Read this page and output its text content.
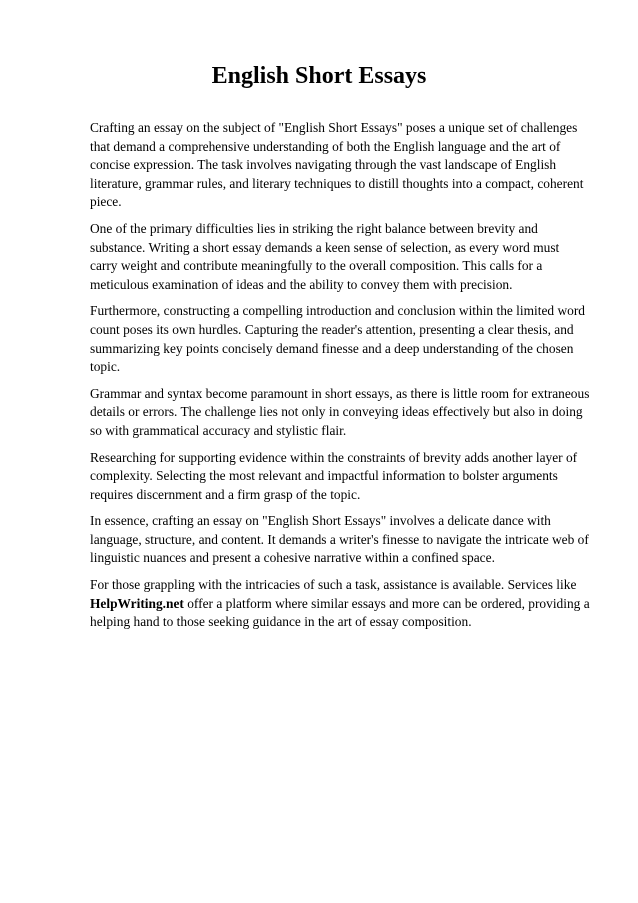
English Short Essays

Crafting an essay on the subject of "English Short Essays" poses a unique set of challenges that demand a comprehensive understanding of both the English language and the art of concise expression. The task involves navigating through the vast landscape of English literature, grammar rules, and literary techniques to distill thoughts into a compact, coherent piece.

One of the primary difficulties lies in striking the right balance between brevity and substance. Writing a short essay demands a keen sense of selection, as every word must carry weight and contribute meaningfully to the overall composition. This calls for a meticulous examination of ideas and the ability to convey them with precision.

Furthermore, constructing a compelling introduction and conclusion within the limited word count poses its own hurdles. Capturing the reader's attention, presenting a clear thesis, and summarizing key points concisely demand finesse and a deep understanding of the chosen topic.

Grammar and syntax become paramount in short essays, as there is little room for extraneous details or errors. The challenge lies not only in conveying ideas effectively but also in doing so with grammatical accuracy and stylistic flair.

Researching for supporting evidence within the constraints of brevity adds another layer of complexity. Selecting the most relevant and impactful information to bolster arguments requires discernment and a firm grasp of the topic.

In essence, crafting an essay on "English Short Essays" involves a delicate dance with language, structure, and content. It demands a writer's finesse to navigate the intricate web of linguistic nuances and present a cohesive narrative within a confined space.

For those grappling with the intricacies of such a task, assistance is available. Services like HelpWriting.net offer a platform where similar essays and more can be ordered, providing a helping hand to those seeking guidance in the art of essay composition.
